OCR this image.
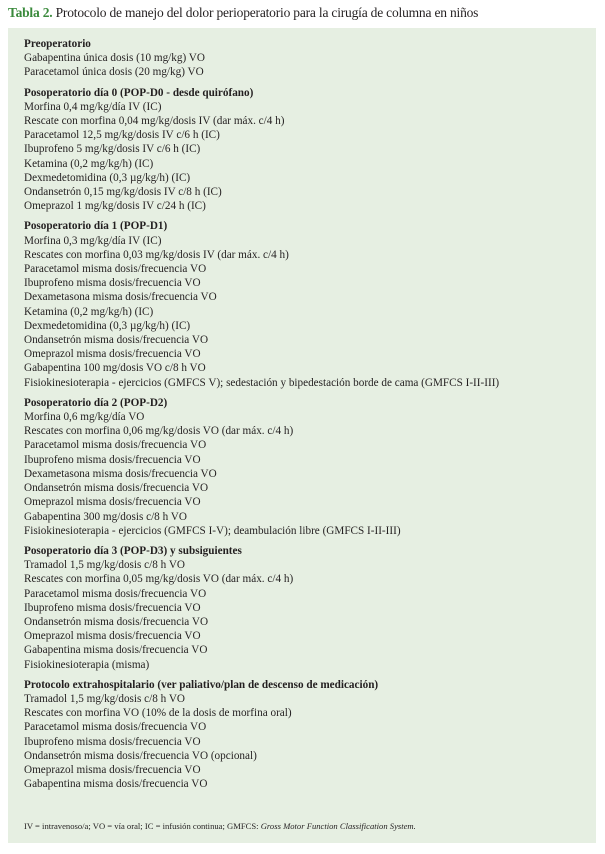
Tabla 2. Protocolo de manejo del dolor perioperatorio para la cirugía de columna en niños
Preoperatorio
Gabapentina única dosis (10 mg/kg) VO
Paracetamol única dosis (20 mg/kg) VO
Posoperatorio día 0 (POP-D0 - desde quirófano)
Morfina 0,4 mg/kg/día IV (IC)
Rescate con morfina 0,04 mg/kg/dosis IV (dar máx. c/4 h)
Paracetamol 12,5 mg/kg/dosis IV c/6 h (IC)
Ibuprofeno 5 mg/kg/dosis IV c/6 h (IC)
Ketamina (0,2 mg/kg/h) (IC)
Dexmedetomidina (0,3 µg/kg/h) (IC)
Ondansetrón 0,15 mg/kg/dosis IV c/8 h (IC)
Omeprazol 1 mg/kg/dosis IV c/24 h (IC)
Posoperatorio día 1 (POP-D1)
Morfina 0,3 mg/kg/día IV (IC)
Rescates con morfina 0,03 mg/kg/dosis IV (dar máx. c/4 h)
Paracetamol misma dosis/frecuencia VO
Ibuprofeno misma dosis/frecuencia VO
Dexametasona misma dosis/frecuencia VO
Ketamina (0,2 mg/kg/h) (IC)
Dexmedetomidina (0,3 µg/kg/h) (IC)
Ondansetrón misma dosis/frecuencia VO
Omeprazol misma dosis/frecuencia VO
Gabapentina 100 mg/dosis VO c/8 h VO
Fisiokinesioterapia - ejercicios (GMFCS V); sedestación y bipedestación borde de cama (GMFCS I-II-III)
Posoperatorio día 2 (POP-D2)
Morfina 0,6 mg/kg/día VO
Rescates con morfina 0,06 mg/kg/dosis VO (dar máx. c/4 h)
Paracetamol misma dosis/frecuencia VO
Ibuprofeno misma dosis/frecuencia VO
Dexametasona misma dosis/frecuencia VO
Ondansetrón misma dosis/frecuencia VO
Omeprazol misma dosis/frecuencia VO
Gabapentina 300 mg/dosis c/8 h VO
Fisiokinesioterapia - ejercicios (GMFCS I-V); deambulación libre (GMFCS I-II-III)
Posoperatorio día 3 (POP-D3) y subsiguientes
Tramadol 1,5 mg/kg/dosis c/8 h VO
Rescates con morfina 0,05 mg/kg/dosis VO (dar máx. c/4 h)
Paracetamol misma dosis/frecuencia VO
Ibuprofeno misma dosis/frecuencia VO
Ondansetrón misma dosis/frecuencia VO
Omeprazol misma dosis/frecuencia VO
Gabapentina misma dosis/frecuencia VO
Fisiokinesioterapia (misma)
Protocolo extrahospitalario (ver paliativo/plan de descenso de medicación)
Tramadol 1,5 mg/kg/dosis c/8 h VO
Rescates con morfina VO (10% de la dosis de morfina oral)
Paracetamol misma dosis/frecuencia VO
Ibuprofeno misma dosis/frecuencia VO
Ondansetrón misma dosis/frecuencia VO (opcional)
Omeprazol misma dosis/frecuencia VO
Gabapentina misma dosis/frecuencia VO
IV = intravenoso/a; VO = vía oral; IC = infusión continua; GMFCS: Gross Motor Function Classification System.
